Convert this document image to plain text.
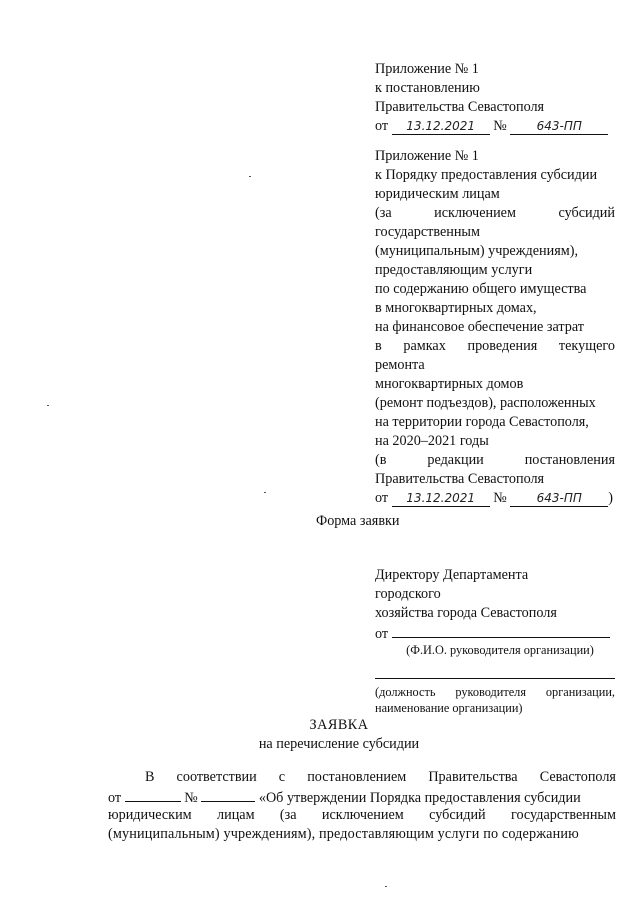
Приложение № 1
к постановлению
Правительства Севастополя
от 13.12.2021 № 643-ПП
Приложение № 1
к Порядку предоставления субсидии
юридическим лицам
(за	исключением	субсидий
государственным
(муниципальным) учреждениям),
предоставляющим услуги
по содержанию общего имущества
в многоквартирных домах,
на финансовое обеспечение затрат
в рамках проведения текущего
ремонта
многоквартирных домов
(ремонт подъездов), расположенных
на территории города Севастополя,
на 2020–2021 годы
(в	редакции	постановления
Правительства Севастополя
от 13.12.2021 № 643-ПП )
Форма заявки
Директору Департамента
городского
хозяйства города Севастополя
от
(Ф.И.О. руководителя организации)
(должность руководителя организации,
наименование организации)
ЗАЯВКА
на перечисление субсидии
В соответствии с постановлением Правительства Севастополя
от	№	«Об утверждении Порядка предоставления субсидии
юридическим лицам (за исключением субсидий государственным
(муниципальным) учреждениям), предоставляющим услуги по содержанию
